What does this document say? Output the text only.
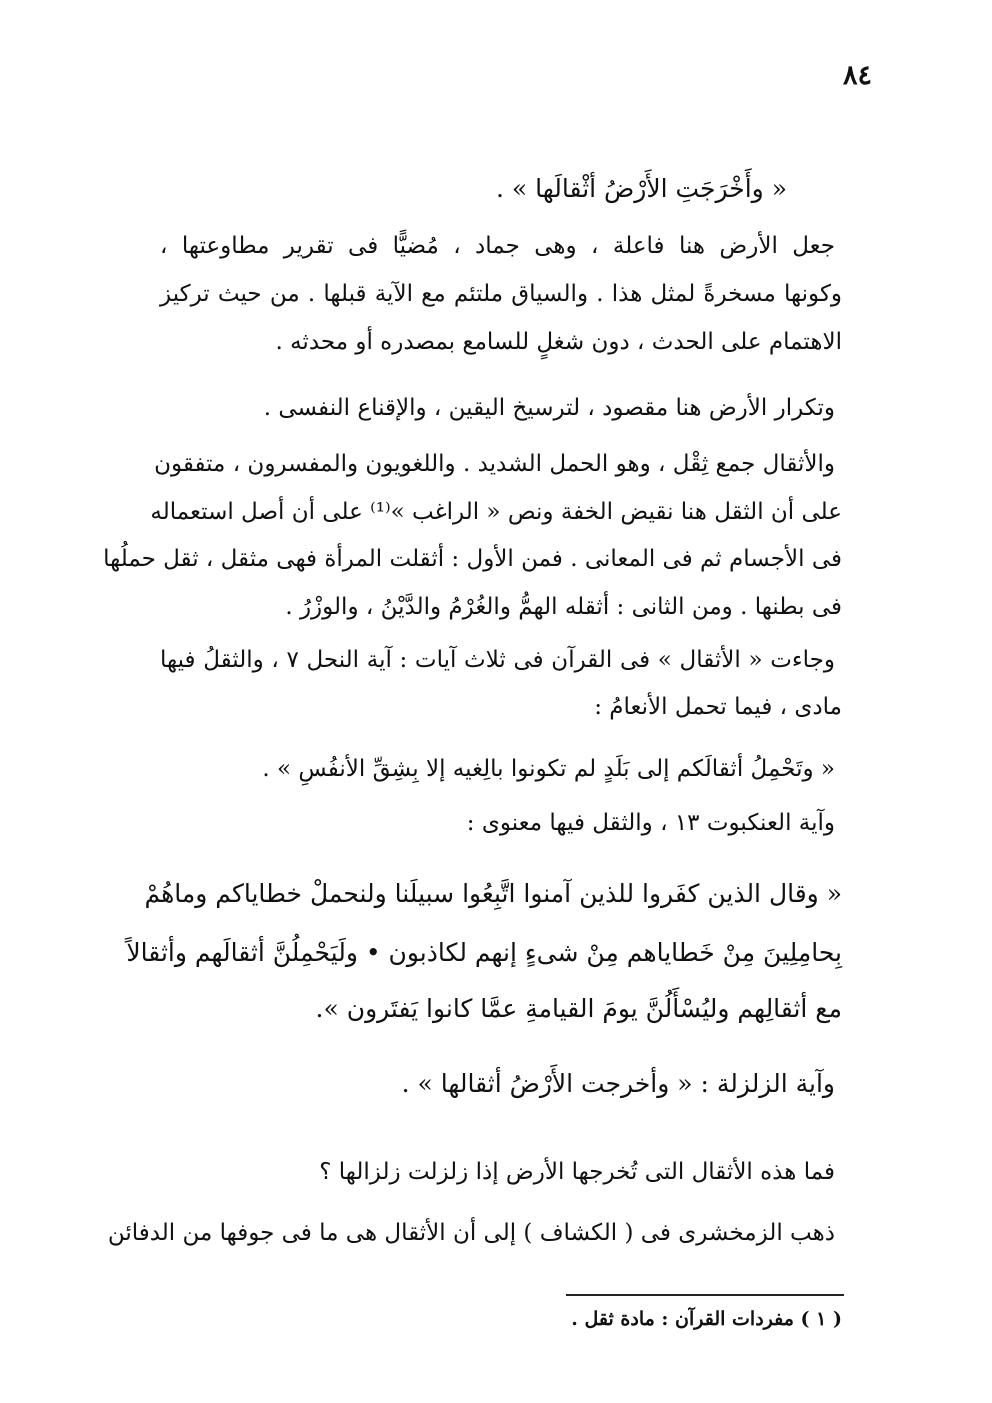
٨٤
« وأَخْرَجَتِ الأَرْضُ أثْقالَها » .
جعل الأرض هنا فاعلة ، وهى جماد ، مُضيًّا فى تقرير مطاوعتها ،
وكونها مسخرةً لمثل هذا . والسياق ملتئم مع الآية قبلها . من حيث تركيز
الاهتمام على الحدث ، دون شغلٍ للسامع بمصدره أو محدثه .
وتكرار الأرض هنا مقصود ، لترسيخ اليقين ، والإقناع النفسى .
والأثقال جمع ثِقْل ، وهو الحمل الشديد . واللغويون والمفسرون ، متفقون
على أن الثقل هنا نقيض الخفة ونص « الراغب »⁽¹⁾ على أن أصل استعماله
فى الأجسام ثم فى المعانى . فمن الأول : أثقلت المرأة فهى مثقل ، ثقل حملُها
فى بطنها . ومن الثانى : أثقله الهمُّ والغُرْمُ والدَّيْنُ ، والوزْرُ .
وجاءت « الأثقال » فى القرآن فى ثلاث آيات : آية النحل ٧ ، والثقلُ فيها
مادى ، فيما تحمل الأنعامُ :
« وتَحْمِلُ أثقالَكم إلى بَلَدٍ لم تكونوا بالِغيه إلا بِشِقِّ الأنفُسِ » .
وآية العنكبوت ١٣ ، والثقل فيها معنوى :
« وقال الذين كفَروا للذين آمنوا اتَّبِعُوا سبيلَنا ولنحملْ خطاياكم وماهُمْ
بِحامِلِينَ مِنْ خَطاياهم مِنْ شىءٍ إنهم لكاذبون • ولَيَحْمِلُنَّ أثقالَهم وأثقالاً
مع أثقالِهم وليُسْأَلُنَّ يومَ القيامةِ عمَّا كانوا يَفتَرون ».
وآية الزلزلة : « وأخرجت الأَرْضُ أثقالها » .
فما هذه الأثقال التى تُخرجها الأرض إذا زلزلت زلزالها ؟
ذهب الزمخشرى فى ( الكشاف ) إلى أن الأثقال هى ما فى جوفها من الدفائن
( ١ ) مفردات القرآن : مادة ثقل .
